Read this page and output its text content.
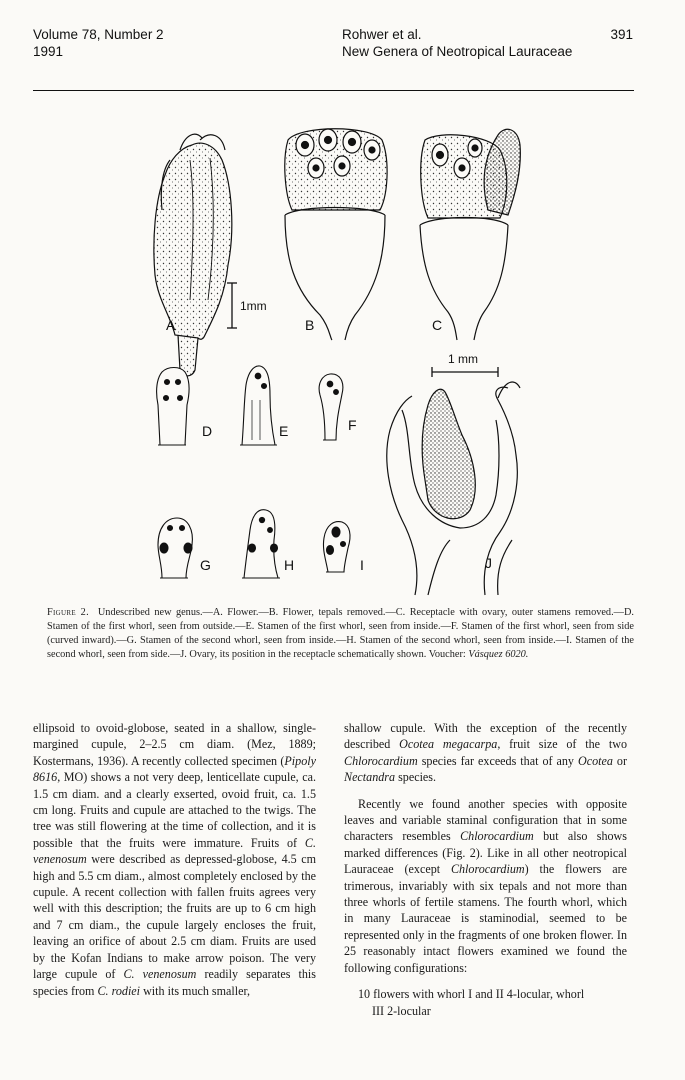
Volume 78, Number 2
1991
Rohwer et al.
New Genera of Neotropical Lauraceae
391
A
1mm
B	C
D	E	F
G	H	I
1 mm
J
Figure 2. Undescribed new genus.—A. Flower.—B. Flower, tepals removed.—C. Receptacle with ovary, outer stamens removed.—D. Stamen of the first whorl, seen from outside.—E. Stamen of the first whorl, seen from inside.—F. Stamen of the first whorl, seen from side (curved inward).—G. Stamen of the second whorl, seen from inside.—H. Stamen of the second whorl, seen from inside.—I. Stamen of the second whorl, seen from side.—J. Ovary, its position in the receptacle schematically shown. Voucher: Vásquez 6020.

ellipsoid to ovoid-globose, seated in a shallow, single-margined cupule, 2–2.5 cm diam. (Mez, 1889; Kostermans, 1936). A recently collected specimen (Pipoly 8616, MO) shows a not very deep, lenticellate cupule, ca. 1.5 cm diam. and a clearly exserted, ovoid fruit, ca. 1.5 cm long. Fruits and cupule are attached to the twigs. The tree was still flowering at the time of collection, and it is possible that the fruits were immature. Fruits of C. venenosum were described as depressed-globose, 4.5 cm high and 5.5 cm diam., almost completely enclosed by the cupule. A recent collection with fallen fruits agrees very well with this description; the fruits are up to 6 cm high and 7 cm diam., the cupule largely encloses the fruit, leaving an orifice of about 2.5 cm diam. Fruits are used by the Kofan Indians to make arrow poison. The very large cupule of C. venenosum readily separates this species from C. rodiei with its much smaller,

shallow cupule. With the exception of the recently described Ocotea megacarpa, fruit size of the two Chlorocardium species far exceeds that of any Ocotea or Nectandra species.

Recently we found another species with opposite leaves and variable staminal configuration that in some characters resembles Chlorocardium but also shows marked differences (Fig. 2). Like in all other neotropical Lauraceae (except Chlorocardium) the flowers are trimerous, invariably with six tepals and not more than three whorls of fertile stamens. The fourth whorl, which in many Lauraceae is staminodial, seemed to be represented only in the fragments of one broken flower. In 25 reasonably intact flowers examined we found the following configurations:

10 flowers with whorl I and II 4-locular, whorl
III 2-locular
